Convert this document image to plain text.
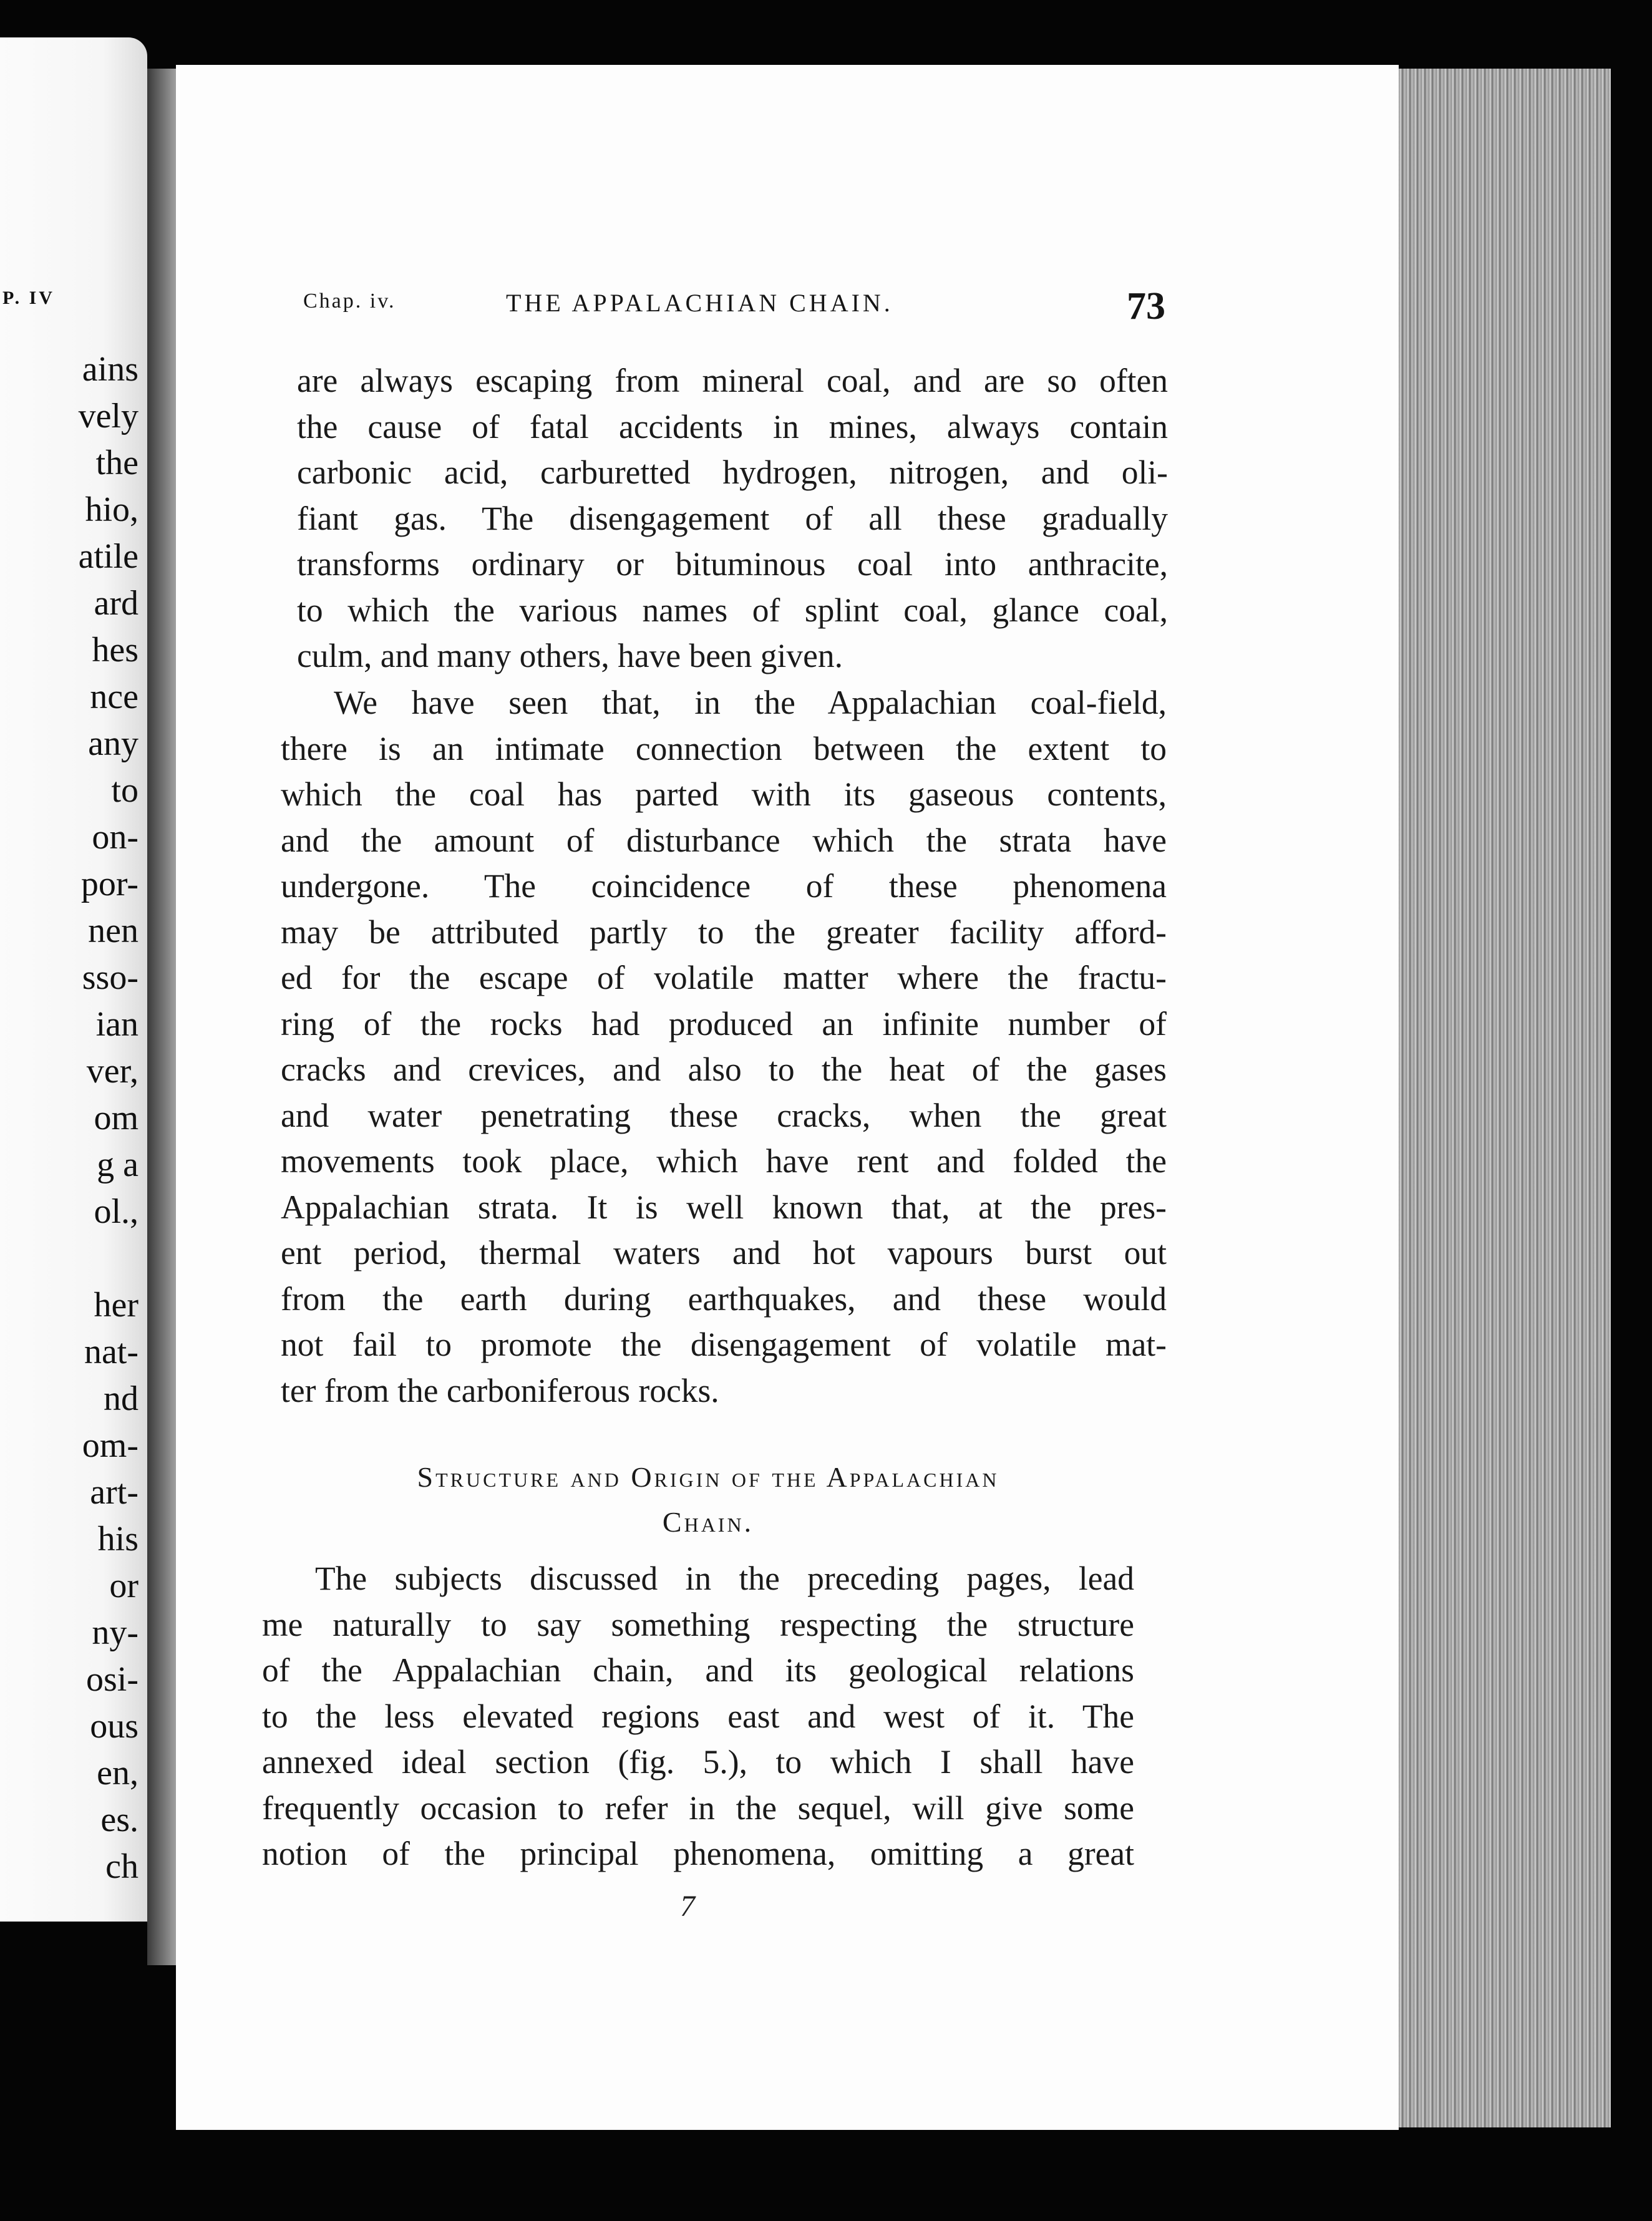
P. IV
ains
vely
the
hio,
atile
ard
hes
nce
any
to
on-
por-
nen
sso-
ian
ver,
om
g a
ol.,

her
nat-
nd
om-
art-
his
or
ny-
osi-
ous
en,
es.
ch
Chap. iv.	THE APPALACHIAN CHAIN.	73
are always escaping from mineral coal, and are so often
the cause of fatal accidents in mines, always contain
carbonic acid, carburetted hydrogen, nitrogen, and oli-
fiant gas. The disengagement of all these gradually
transforms ordinary or bituminous coal into anthracite,
to which the various names of splint coal, glance coal,
culm, and many others, have been given.
We have seen that, in the Appalachian coal-field,
there is an intimate connection between the extent to
which the coal has parted with its gaseous contents,
and the amount of disturbance which the strata have
undergone. The coincidence of these phenomena
may be attributed partly to the greater facility afford-
ed for the escape of volatile matter where the fractu-
ring of the rocks had produced an infinite number of
cracks and crevices, and also to the heat of the gases
and water penetrating these cracks, when the great
movements took place, which have rent and folded the
Appalachian strata. It is well known that, at the pres-
ent period, thermal waters and hot vapours burst out
from the earth during earthquakes, and these would
not fail to promote the disengagement of volatile mat-
ter from the carboniferous rocks.
Structure and Origin of the Appalachian
Chain.
The subjects discussed in the preceding pages, lead
me naturally to say something respecting the structure
of the Appalachian chain, and its geological relations
to the less elevated regions east and west of it. The
annexed ideal section (fig. 5.), to which I shall have
frequently occasion to refer in the sequel, will give some
notion of the principal phenomena, omitting a great
7
